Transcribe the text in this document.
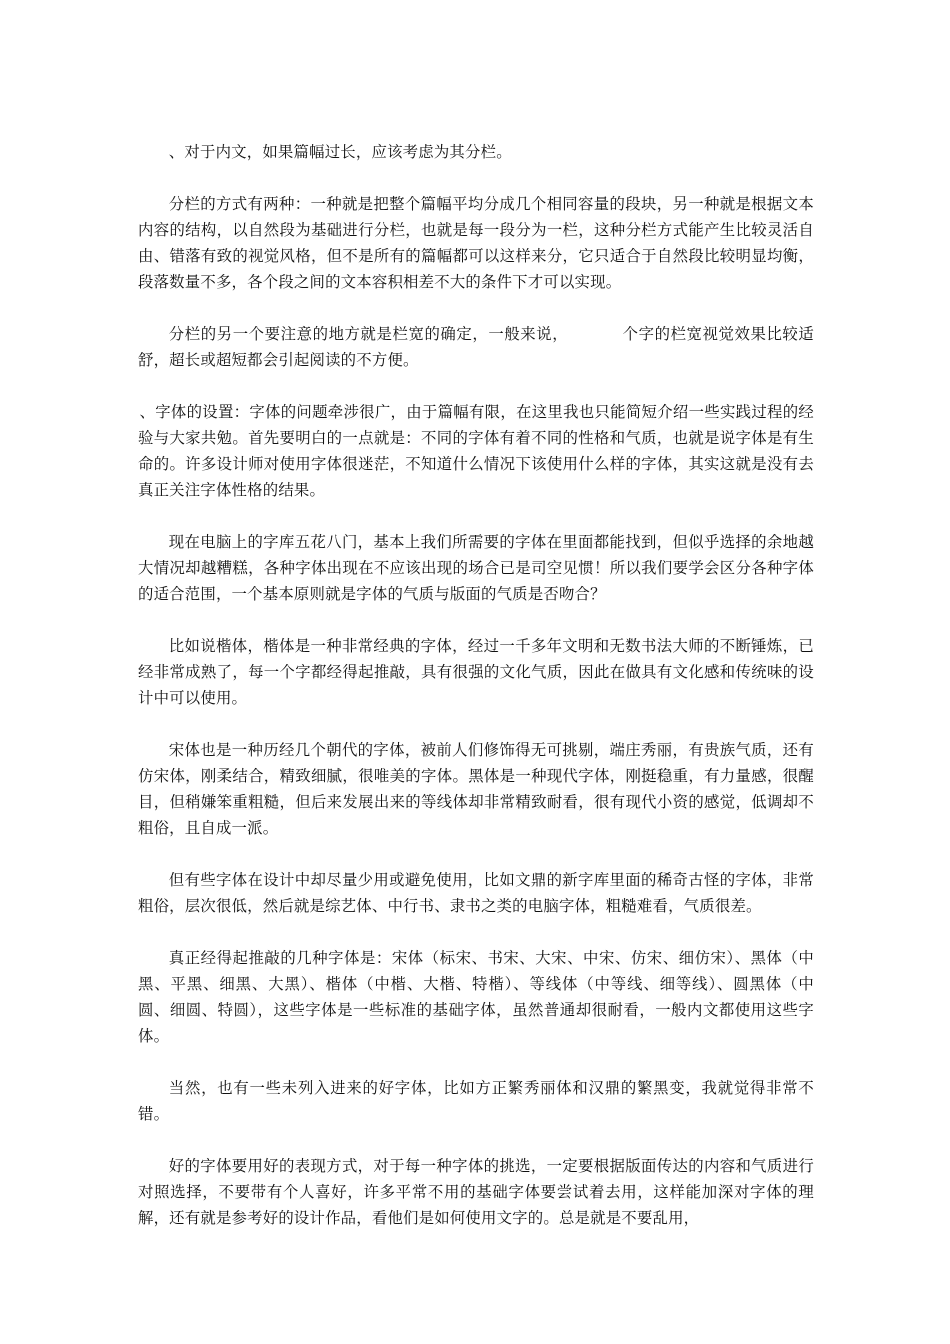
、对于内文，如果篇幅过长，应该考虑为其分栏。

分栏的方式有两种：一种就是把整个篇幅平均分成几个相同容量的段块，另一种就是根据文本内容的结构，以自然段为基础进行分栏，也就是每一段分为一栏，这种分栏方式能产生比较灵活自由、错落有致的视觉风格，但不是所有的篇幅都可以这样来分，它只适合于自然段比较明显均衡，段落数量不多，各个段之间的文本容积相差不大的条件下才可以实现。

分栏的另一个要注意的地方就是栏宽的确定，一般来说，	个字的栏宽视觉效果比较适舒，超长或超短都会引起阅读的不方便。

、字体的设置：字体的问题牵涉很广，由于篇幅有限，在这里我也只能简短介绍一些实践过程的经验与大家共勉。首先要明白的一点就是：不同的字体有着不同的性格和气质，也就是说字体是有生命的。许多设计师对使用字体很迷茫，不知道什么情况下该使用什么样的字体，其实这就是没有去真正关注字体性格的结果。

现在电脑上的字库五花八门，基本上我们所需要的字体在里面都能找到，但似乎选择的余地越大情况却越糟糕，各种字体出现在不应该出现的场合已是司空见惯！所以我们要学会区分各种字体的适合范围，一个基本原则就是字体的气质与版面的气质是否吻合？

比如说楷体，楷体是一种非常经典的字体，经过一千多年文明和无数书法大师的不断锤炼，已经非常成熟了，每一个字都经得起推敲，具有很强的文化气质，因此在做具有文化感和传统味的设计中可以使用。

宋体也是一种历经几个朝代的字体，被前人们修饰得无可挑剔，端庄秀丽，有贵族气质，还有仿宋体，刚柔结合，精致细腻，很唯美的字体。黑体是一种现代字体，刚挺稳重，有力量感，很醒目，但稍嫌笨重粗糙，但后来发展出来的等线体却非常精致耐看，很有现代小资的感觉，低调却不粗俗，且自成一派。

但有些字体在设计中却尽量少用或避免使用，比如文鼎的新字库里面的稀奇古怪的字体，非常粗俗，层次很低，然后就是综艺体、中行书、隶书之类的电脑字体，粗糙难看，气质很差。

真正经得起推敲的几种字体是：宋体（标宋、书宋、大宋、中宋、仿宋、细仿宋）、黑体（中黑、平黑、细黑、大黑）、楷体（中楷、大楷、特楷）、等线体（中等线、细等线）、圆黑体（中圆、细圆、特圆），这些字体是一些标准的基础字体，虽然普通却很耐看，一般内文都使用这些字体。

当然，也有一些未列入进来的好字体，比如方正繁秀丽体和汉鼎的繁黑变，我就觉得非常不错。

好的字体要用好的表现方式，对于每一种字体的挑选，一定要根据版面传达的内容和气质进行对照选择，不要带有个人喜好，许多平常不用的基础字体要尝试着去用，这样能加深对字体的理解，还有就是参考好的设计作品，看他们是如何使用文字的。总是就是不要乱用，
